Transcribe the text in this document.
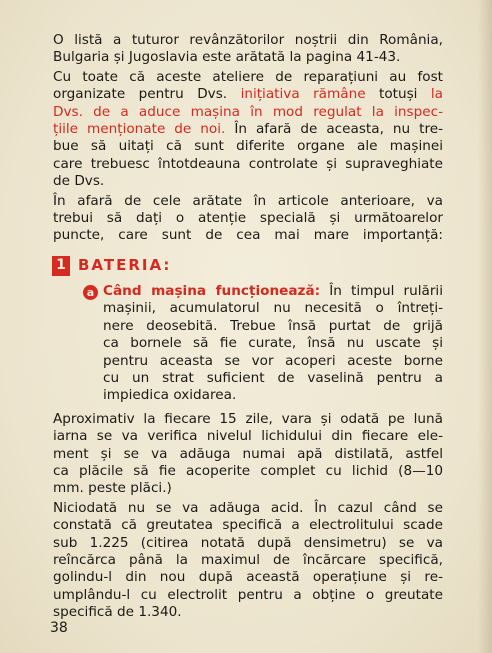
O listă a tuturor revânzătorilor noștrii din România,
Bulgaria și Jugoslavia este arătată la pagina 41-43.
Cu toate că aceste ateliere de reparațiuni au fost
organizate pentru Dvs. inițiativa rămâne totuși la
Dvs. de a aduce mașina în mod regulat la inspec-
țiile menționate de noi. În afară de aceasta, nu tre-
bue să uitați că sunt diferite organe ale mașinei
care trebuesc întotdeauna controlate și supraveghiate
de Dvs.
În afară de cele arătate în articole anterioare, va
trebui să dați o atenție specială și următoarelor
puncte, care sunt de cea mai mare importanță:
1 BATERIA:
a Când mașina funcționează: În timpul rulării
mașinii, acumulatorul nu necesită o întreți-
nere deosebită. Trebue însă purtat de grijă
ca bornele să fie curate, însă nu uscate și
pentru aceasta se vor acoperi aceste borne
cu un strat suficient de vaselină pentru a
impiedica oxidarea.
Aproximativ la fiecare 15 zile, vara și odată pe lună
iarna se va verifica nivelul lichidului din fiecare ele-
ment și se va adăuga numai apă distilată, astfel
ca plăcile să fie acoperite complet cu lichid (8—10
mm. peste plăci.)
Niciodată nu se va adăuga acid. În cazul când se
constată că greutatea specifică a electrolitului scade
sub 1.225 (citirea notată după densimetru) se va
reîncărca până la maximul de încărcare specifică,
golindu-l din nou după această operațiune și re-
umplându-l cu electrolit pentru a obține o greutate
specifică de 1.340.
38
